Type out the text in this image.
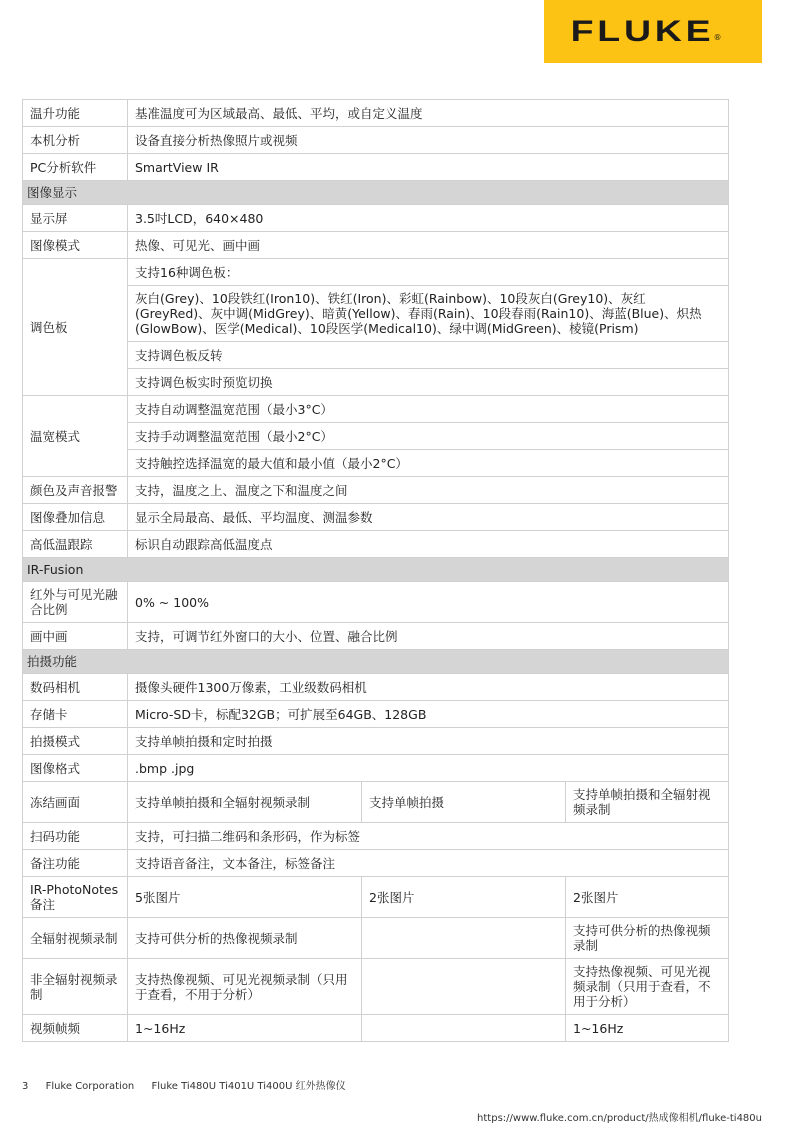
FLUKE ®
温升功能	基准温度可为区域最高、最低、平均，或自定义温度		
本机分析	设备直接分析热像照片或视频		
PC分析软件	SmartView IR		
图像显示			
显示屏	3.5吋LCD，640×480		
图像模式	热像、可见光、画中画		
调色板	支持16种调色板：		
	灰白(Grey)、10段铁红(Iron10)、铁红(Iron)、彩虹(Rainbow)、10段灰白(Grey10)、灰红(GreyRed)、灰中调(MidGrey)、暗黄(Yellow)、春雨(Rain)、10段春雨(Rain10)、海蓝(Blue)、炽热(GlowBow)、医学(Medical)、10段医学(Medical10)、绿中调(MidGreen)、棱镜(Prism)		
	支持调色板反转		
	支持调色板实时预览切换		
温宽模式	支持自动调整温宽范围（最小3°C）		
	支持手动调整温宽范围（最小2°C）		
	支持触控选择温宽的最大值和最小值（最小2°C）		
颜色及声音报警	支持，温度之上、温度之下和温度之间		
图像叠加信息	显示全局最高、最低、平均温度、测温参数		
高低温跟踪	标识自动跟踪高低温度点		
IR-Fusion			
红外与可见光融合比例	0% ~ 100%		
画中画	支持，可调节红外窗口的大小、位置、融合比例		
拍摄功能			
数码相机	摄像头硬件1300万像素，工业级数码相机		
存储卡	Micro-SD卡，标配32GB；可扩展至64GB、128GB		
拍摄模式	支持单帧拍摄和定时拍摄		
图像格式	.bmp .jpg		
冻结画面	支持单帧拍摄和全辐射视频录制	支持单帧拍摄	支持单帧拍摄和全辐射视频录制
扫码功能	支持，可扫描二维码和条形码，作为标签		
备注功能	支持语音备注，文本备注，标签备注		
IR-PhotoNotes 备注	5张图片	2张图片	2张图片
全辐射视频录制	支持可供分析的热像视频录制		支持可供分析的热像视频录制
非全辐射视频录制	支持热像视频、可见光视频录制（只用于查看，不用于分析）		支持热像视频、可见光视频录制（只用于查看，不用于分析）
视频帧频	1~16Hz		1~16Hz
3 Fluke Corporation Fluke Ti480U Ti401U Ti400U 红外热像仪
https://www.fluke.com.cn/product/热成像相机/fluke-ti480u
